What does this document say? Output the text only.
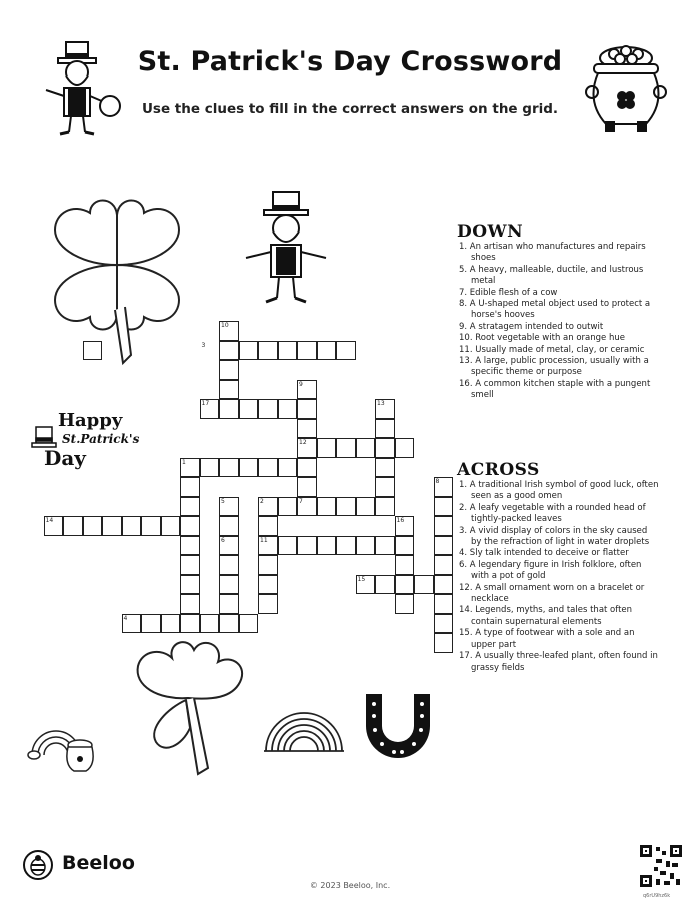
St. Patrick's Day Crossword
Use the clues to fill in the correct answers on the grid.
Happy
St.Patrick's
Day
10
3
9
17	13
12
1
8
5	2	7
14	16
6	11
15
4
DOWN
1. An artisan who manufactures and repairs shoes
5. A heavy, malleable, ductile, and lustrous metal
7. Edible flesh of a cow
8. A U-shaped metal object used to protect a horse's hooves
9. A stratagem intended to outwit
10. Root vegetable with an orange hue
11. Usually made of metal, clay, or ceramic
13. A large, public procession, usually with a specific theme or purpose
16. A common kitchen staple with a pungent smell
ACROSS
1. A traditional Irish symbol of good luck, often seen as a good omen
2. A leafy vegetable with a rounded head of tightly-packed leaves
3. A vivid display of colors in the sky caused by the refraction of light in water droplets
4. Sly talk intended to deceive or flatter
6. A legendary figure in Irish folklore, often with a pot of gold
12. A small ornament worn on a bracelet or necklace
14. Legends, myths, and tales that often contain supernatural elements
15. A type of footwear with a sole and an upper part
17. A usually three-leafed plant, often found in grassy fields
Beeloo
© 2023 Beeloo, Inc.
q6rU9hz6k
